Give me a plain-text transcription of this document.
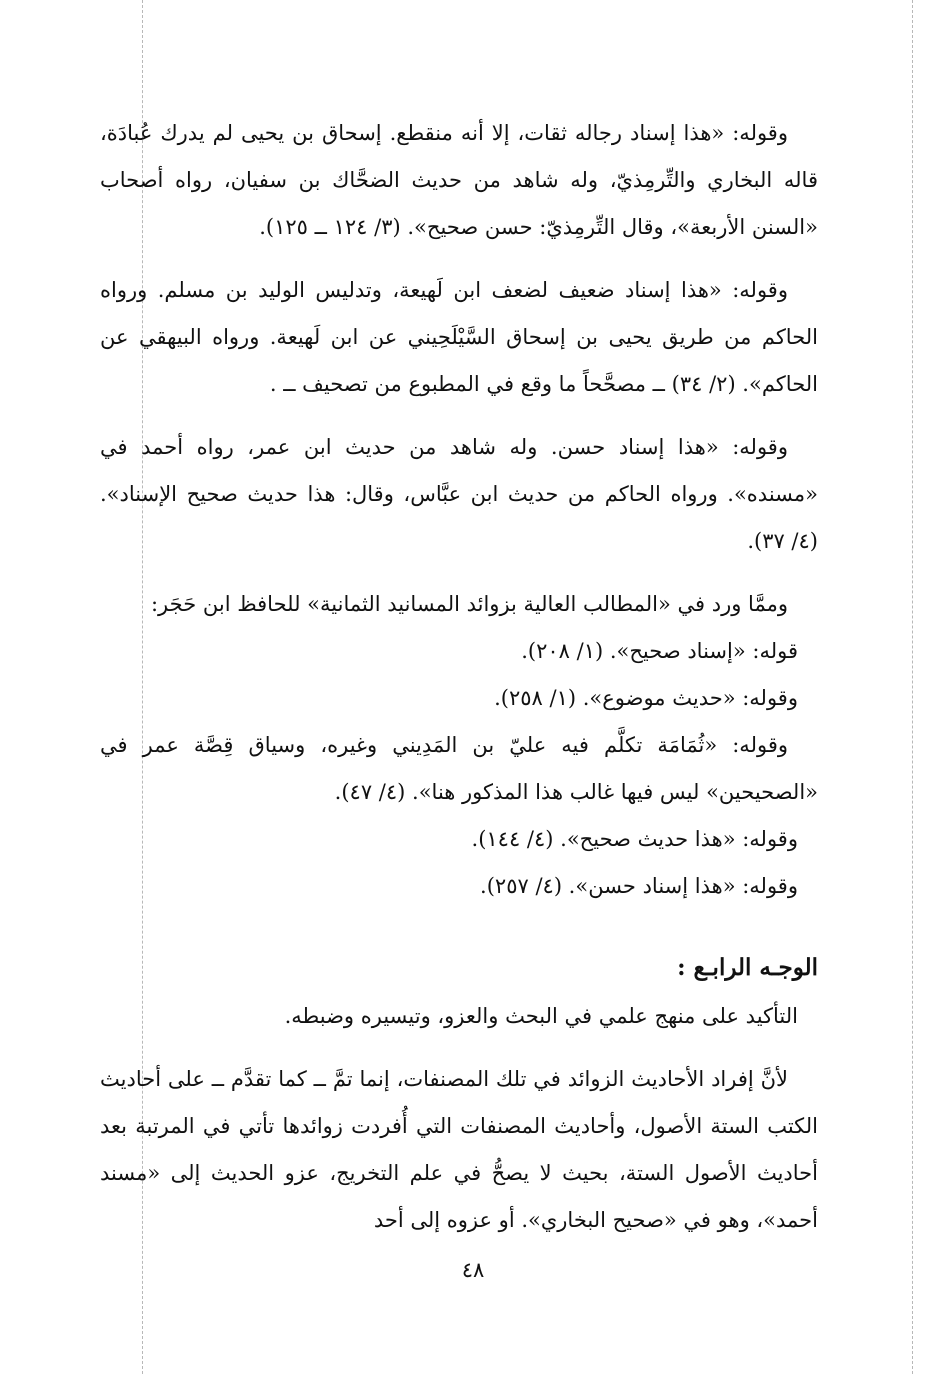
وقوله: «هذا إسناد رجاله ثقات، إلا أنه منقطع. إسحاق بن يحيى لم يدرك عُبادَة، قاله البخاري والتِّرمِذيّ، وله شاهد من حديث الضحَّاك بن سفيان، رواه أصحاب «السنن الأربعة»، وقال التِّرمِذيّ: حسن صحيح». (٣/ ١٢٤ ــ ١٢٥).

وقوله: «هذا إسناد ضعيف لضعف ابن لَهيعة، وتدليس الوليد بن مسلم. ورواه الحاكم من طريق يحيى بن إسحاق السَّيْلَحِيني عن ابن لَهيعة. ورواه البيهقي عن الحاكم». (٢/ ٣٤) ــ مصحَّحاً ما وقع في المطبوع من تصحيف ــ .

وقوله: «هذا إسناد حسن. وله شاهد من حديث ابن عمر، رواه أحمد في «مسنده». ورواه الحاكم من حديث ابن عبَّاس، وقال: هذا حديث صحيح الإسناد». (٤/ ٣٧).

وممَّا ورد في «المطالب العالية بزوائد المسانيد الثمانية» للحافظ ابن حَجَر:

قوله: «إسناد صحيح». (١/ ٢٠٨).

وقوله: «حديث موضوع». (١/ ٢٥٨).

وقوله: «ثُمَامَة تكلَّم فيه عليّ بن المَدِيني وغيره، وسياق قِصَّة عمر في «الصحيحين» ليس فيها غالب هذا المذكور هنا». (٤/ ٤٧).

وقوله: «هذا حديث صحيح». (٤/ ١٤٤).

وقوله: «هذا إسناد حسن». (٤/ ٢٥٧).

الوجـه الرابـع :

التأكيد على منهج علمي في البحث والعزو، وتيسيره وضبطه.

لأنَّ إفراد الأحاديث الزوائد في تلك المصنفات، إنما تمَّ ــ كما تقدَّم ــ على أحاديث الكتب الستة الأصول، وأحاديث المصنفات التي أُفردت زوائدها تأتي في المرتبة بعد أحاديث الأصول الستة، بحيث لا يصحُّ في علم التخريج، عزو الحديث إلى «مسند أحمد»، وهو في «صحيح البخاري». أو عزوه إلى أحد

٤٨
